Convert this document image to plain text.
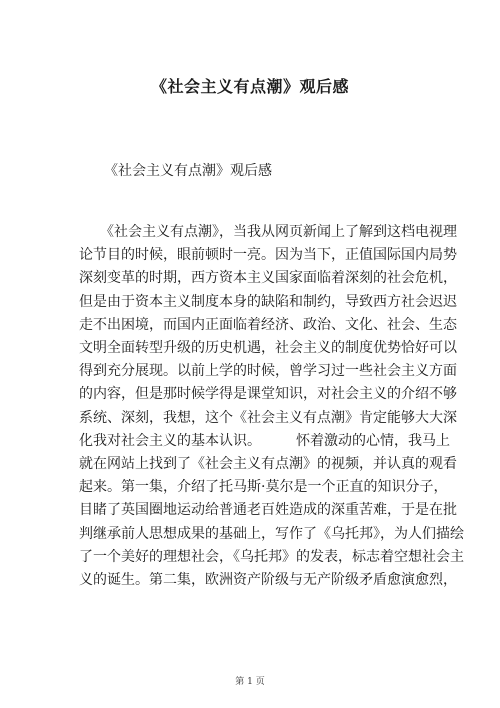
《社会主义有点潮》观后感
《社会主义有点潮》观后感
　　《社会主义有点潮》，当我从网页新闻上了解到这档电视理
论节目的时候，眼前顿时一亮。因为当下，正值国际国内局势
深刻变革的时期，西方资本主义国家面临着深刻的社会危机，
但是由于资本主义制度本身的缺陷和制约，导致西方社会迟迟
走不出困境，而国内正面临着经济、政治、文化、社会、生态
文明全面转型升级的历史机遇，社会主义的制度优势恰好可以
得到充分展现。以前上学的时候，曾学习过一些社会主义方面
的内容，但是那时候学得是课堂知识，对社会主义的介绍不够
系统、深刻，我想，这个《社会主义有点潮》肯定能够大大深
化我对社会主义的基本认识。　　　怀着激动的心情，我马上
就在网站上找到了《社会主义有点潮》的视频，并认真的观看
起来。第一集，介绍了托马斯·莫尔是一个正直的知识分子，
目睹了英国圈地运动给普通老百姓造成的深重苦难，于是在批
判继承前人思想成果的基础上，写作了《乌托邦》，为人们描绘
了一个美好的理想社会，《乌托邦》的发表，标志着空想社会主
义的诞生。第二集，欧洲资产阶级与无产阶级矛盾愈演愈烈，
第 1 页
